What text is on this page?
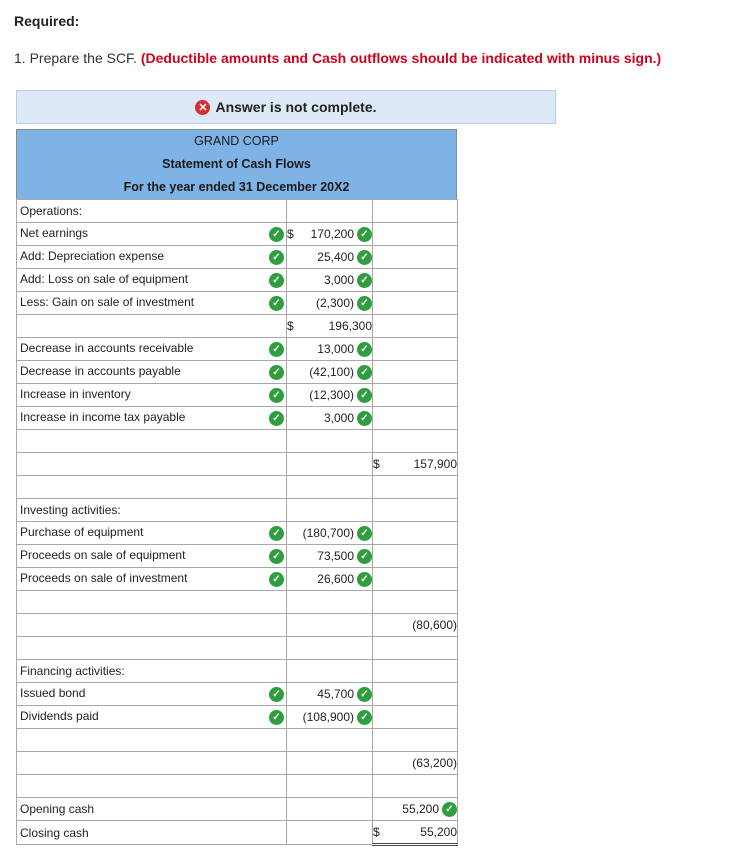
Required:
1. Prepare the SCF. (Deductible amounts and Cash outflows should be indicated with minus sign.)
✕ Answer is not complete.
GRAND CORP
Statement of Cash Flows
For the year ended 31 December 20X2
Operations:	

✓
Net earnings	$ 170,200 ✓	

✓
Add: Depreciation expense	25,400 ✓	

✓
Add: Loss on sale of equipment	3,000 ✓	

✓
Less: Gain on sale of investment	(2,300) ✓	

	$ 196,300	

✓
Decrease in accounts receivable	13,000 ✓	

✓
Decrease in accounts payable	(42,100) ✓	

✓
Increase in inventory	(12,300) ✓	

✓
Increase in income tax payable	3,000 ✓	

		$ 157,900

Investing activities:	

✓
Purchase of equipment	(180,700) ✓	

✓
Proceeds on sale of equipment	73,500 ✓	

✓
Proceeds on sale of investment	26,600 ✓	

		(80,600)

Financing activities:	

✓
Issued bond	45,700 ✓	

✓
Dividends paid	(108,900) ✓	

		(63,200)

Opening cash		55,200 ✓

Closing cash		$ 55,200
